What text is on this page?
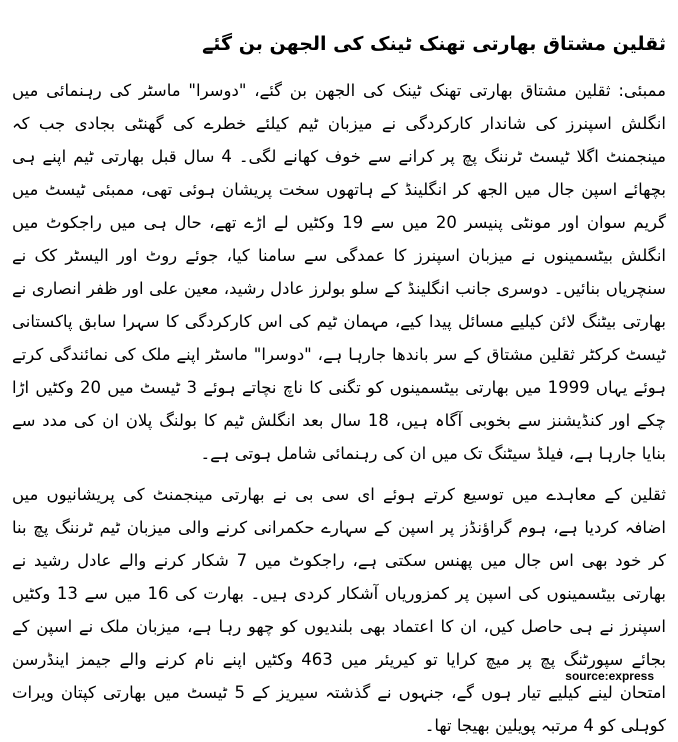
ثقلین مشتاق بھارتی تھنک ٹینک کی الجھن بن گئے

ممبئی: ثقلین مشتاق بھارتی تھنک ٹینک کی الجھن بن گئے، "دوسرا" ماسٹر کی رہنمائی میں انگلش اسپنرز کی شاندار کارکردگی نے میزبان ٹیم کیلئے خطرے کی گھنٹی بجادی جب کہ مینجمنٹ اگلا ٹیسٹ ٹرننگ پچ پر کرانے سے خوف کھانے لگی۔ 4 سال قبل بھارتی ٹیم اپنے ہی بچھائے اسپن جال میں الجھ کر انگلینڈ کے ہاتھوں سخت پریشان ہوئی تھی، ممبئی ٹیسٹ میں گریم سوان اور مونٹی پنیسر 20 میں سے 19 وکٹیں لے اڑے تھے، حال ہی میں راجکوٹ میں انگلش بیٹسمینوں نے میزبان اسپنرز کا عمدگی سے سامنا کیا، جوئے روٹ اور الیسٹر کک نے سنچریاں بنائیں۔ دوسری جانب انگلینڈ کے سلو بولرز عادل رشید، معین علی اور ظفر انصاری نے بھارتی بیٹنگ لائن کیلیے مسائل پیدا کیے، مہمان ٹیم کی اس کارکردگی کا سہرا سابق پاکستانی ٹیسٹ کرکٹر ثقلین مشتاق کے سر باندھا جارہا ہے، "دوسرا" ماسٹر اپنے ملک کی نمائندگی کرتے ہوئے یہاں 1999 میں بھارتی بیٹسمینوں کو تگنی کا ناچ نچاتے ہوئے 3 ٹیسٹ میں 20 وکٹیں اڑا چکے اور کنڈیشنز سے بخوبی آگاہ ہیں، 18 سال بعد انگلش ٹیم کا بولنگ پلان ان کی مدد سے بنایا جارہا ہے، فیلڈ سیٹنگ تک میں ان کی رہنمائی شامل ہوتی ہے۔

ثقلین کے معاہدے میں توسیع کرتے ہوئے ای سی بی نے بھارتی مینجمنٹ کی پریشانیوں میں اضافہ کردیا ہے، ہوم گراؤنڈز پر اسپن کے سہارے حکمرانی کرنے والی میزبان ٹیم ٹرننگ پچ بنا کر خود بھی اس جال میں پھنس سکتی ہے، راجکوٹ میں 7 شکار کرنے والے عادل رشید نے بھارتی بیٹسمینوں کی اسپن پر کمزوریاں آشکار کردی ہیں۔ بھارت کی 16 میں سے 13 وکٹیں اسپنرز نے ہی حاصل کیں، ان کا اعتماد بھی بلندیوں کو چھو رہا ہے، میزبان ملک نے اسپن کے بجائے سپورٹنگ پچ پر میچ کرایا تو کیریئر میں 463 وکٹیں اپنے نام کرنے والے جیمز اینڈرسن امتحان لینے کیلیے تیار ہوں گے، جنہوں نے گذشتہ سیریز کے 5 ٹیسٹ میں بھارتی کپتان ویرات کوہلی کو 4 مرتبہ پویلین بھیجا تھا۔

source:express
